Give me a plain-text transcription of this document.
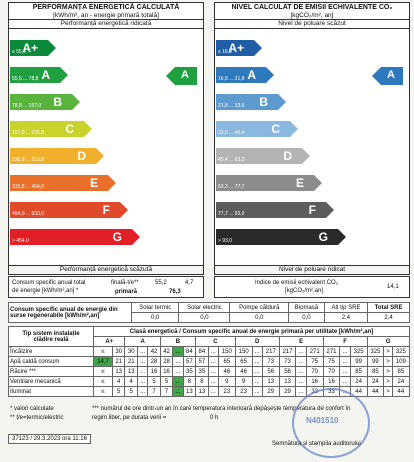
PERFORMANȚA ENERGETICĂ CALCULATĂ
[kWh/m², an - energie primară totală]
Performanță energetică ridicată
≤ 55,5
A+
55,5 ... 78,8 A
78,8 ... 157,0 B
157,0 ... 236,8 C
236,8 ... 315,8	D
315,8 ... 454,0	E
454,0 ... 533,0	F
> 454,0	G
Performanță energetică scăzută
A
NIVEL CALCULAT DE EMISII ECHIVALENTE CO₂
[kgCO₂/m², an]
Nivel de poluare scăzut
≤ 16,8
A+
16,8 ... 21,8 A
21,8 ... 33,6 B
33,6 ... 45,4 C
45,4 ... 63,3	D
63,3 ... 77,7	E
77,7 ... 93,0	F
> 93,0	G
Nivel de poluare ridicat
A
Consum specific anual total
de energie [kWh/m²,an] *
finală-t/e**	55,2	4,7
primară	76,3
Indice de emisii echivalent CO₂
[kgCO₂/m²,an]
14,1
Consum specific anual de energie din
surse regenerabile [kWh/m²,an]	Solar termic	Solar electric	Pompe căldură	Biomasă	Alt tip SRE	Total SRE
	0,0	0,0	0,0	0,0	2,4	2,4
Tip sistem instalație
clădire reală	Clasă energetică / Consum specific anual de energie primară per utilitate [kWh/m²,an]																						
	A+		A			B			C			D			E			F			G		
Încălzire	≤	30	30	...	42	42	...	84	84	...	150	150	...	217	217	...	271	271	...	325	325	>	325
Apă caldă consum	14,7	21	21	...	28	28	...	57	57	...	65	65	...	73	73	...	75	75	...	99	99	>	109
Răcire ***	≤	13	13	...	16	16	...	35	35	...	46	46	...	56	56	...	70	70	...	85	85	>	85
Ventilare mecanică	≤	4	4	...	5	5	...	8	8	...	9	9	...	13	13	...	16	16	...	24	24	>	24
Iluminat	≤	5	5	...	7	7	...	13	13	...	23	23	...	29	29	...	33	33	...	44	44	>	44
* valori calculate
** t/e=termic/electric
*** numărul de ore dintr-un an în care temperatura interioară depășește temperatura de confort în
regim liber, pe durata verii =	0 h
37123 / 29.3.2023 ora 11:16
N401510
Semnătura și ștampila auditorului
